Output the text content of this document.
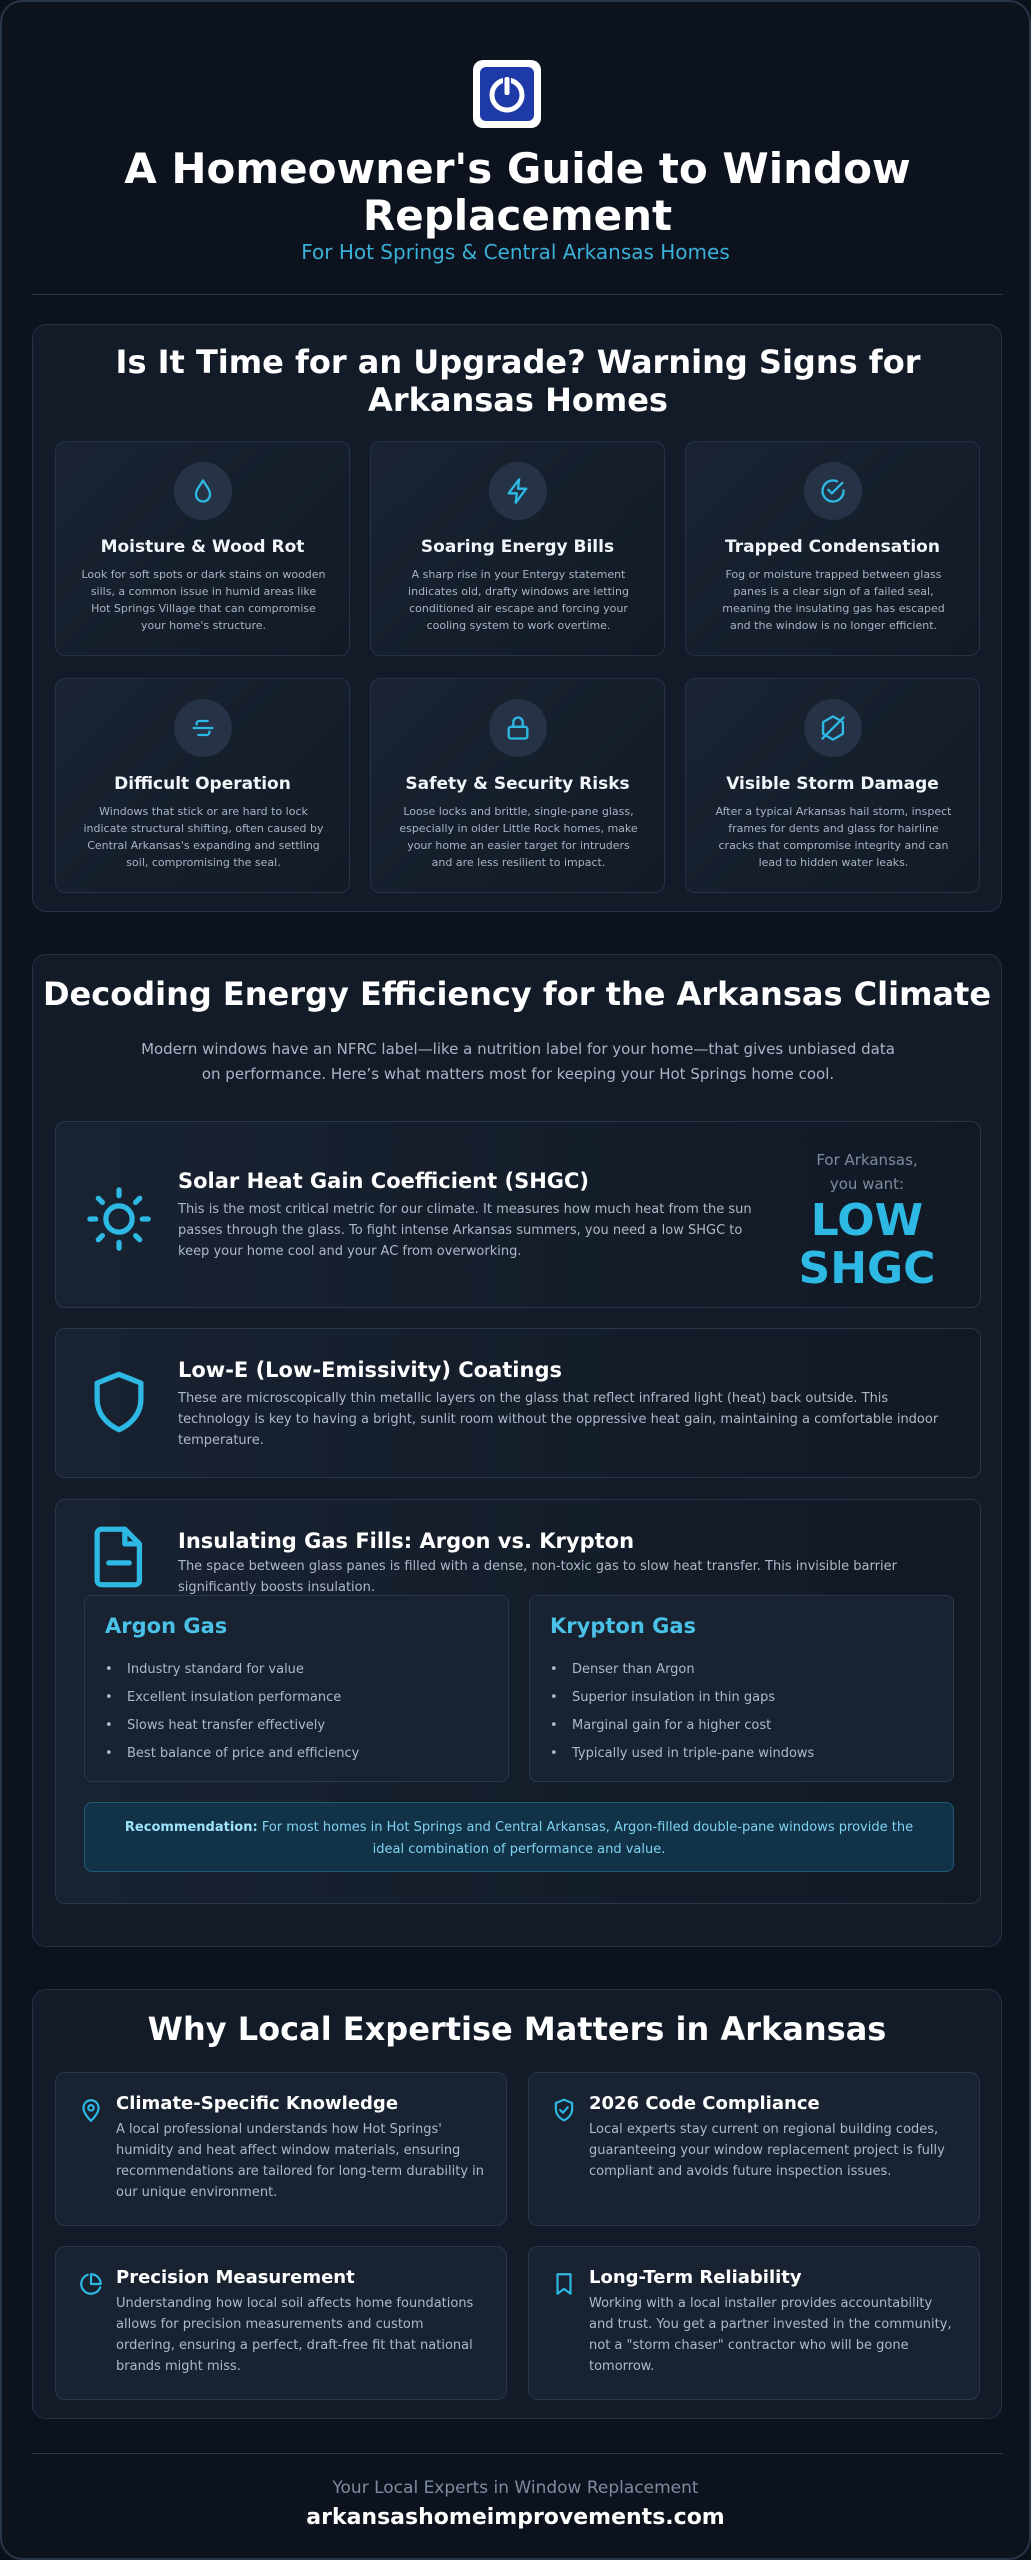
A Homeowner's Guide to Window Replacement
For Hot Springs & Central Arkansas Homes
Is It Time for an Upgrade? Warning Signs for Arkansas Homes
Moisture & Wood Rot
Look for soft spots or dark stains on wooden sills, a common issue in humid areas like Hot Springs Village that can compromise your home's structure.
Soaring Energy Bills
A sharp rise in your Entergy statement indicates old, drafty windows are letting conditioned air escape and forcing your cooling system to work overtime.
Trapped Condensation
Fog or moisture trapped between glass panes is a clear sign of a failed seal, meaning the insulating gas has escaped and the window is no longer efficient.
Difficult Operation
Windows that stick or are hard to lock indicate structural shifting, often caused by Central Arkansas's expanding and settling soil, compromising the seal.
Safety & Security Risks
Loose locks and brittle, single-pane glass, especially in older Little Rock homes, make your home an easier target for intruders and are less resilient to impact.
Visible Storm Damage
After a typical Arkansas hail storm, inspect frames for dents and glass for hairline cracks that compromise integrity and can lead to hidden water leaks.
Decoding Energy Efficiency for the Arkansas Climate
Modern windows have an NFRC label—like a nutrition label for your home—that gives unbiased data on performance. Here’s what matters most for keeping your Hot Springs home cool.
Solar Heat Gain Coefficient (SHGC)
This is the most critical metric for our climate. It measures how much heat from the sun passes through the glass. To fight intense Arkansas summers, you need a low SHGC to keep your home cool and your AC from overworking.
For Arkansas,
you want:
LOW
SHGC
Low-E (Low-Emissivity) Coatings
These are microscopically thin metallic layers on the glass that reflect infrared light (heat) back outside. This technology is key to having a bright, sunlit room without the oppressive heat gain, maintaining a comfortable indoor temperature.
Insulating Gas Fills: Argon vs. Krypton
The space between glass panes is filled with a dense, non-toxic gas to slow heat transfer. This invisible barrier significantly boosts insulation.
Argon Gas
• Industry standard for value
• Excellent insulation performance
• Slows heat transfer effectively
• Best balance of price and efficiency
Krypton Gas
• Denser than Argon
• Superior insulation in thin gaps
• Marginal gain for a higher cost
• Typically used in triple-pane windows
Recommendation: For most homes in Hot Springs and Central Arkansas, Argon-filled double-pane windows provide the ideal combination of performance and value.
Why Local Expertise Matters in Arkansas
Climate-Specific Knowledge
A local professional understands how Hot Springs' humidity and heat affect window materials, ensuring recommendations are tailored for long-term durability in our unique environment.
2026 Code Compliance
Local experts stay current on regional building codes, guaranteeing your window replacement project is fully compliant and avoids future inspection issues.
Precision Measurement
Understanding how local soil affects home foundations allows for precision measurements and custom ordering, ensuring a perfect, draft-free fit that national brands might miss.
Long-Term Reliability
Working with a local installer provides accountability and trust. You get a partner invested in the community, not a "storm chaser" contractor who will be gone tomorrow.
Your Local Experts in Window Replacement
arkansashomeimprovements.com
